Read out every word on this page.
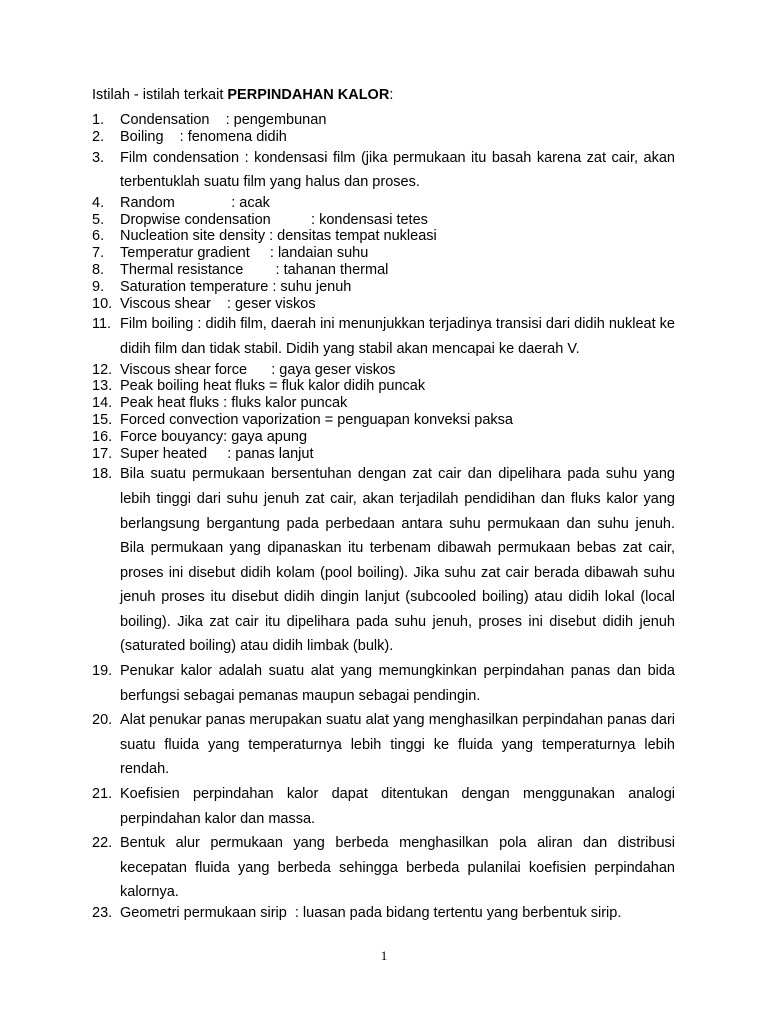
Istilah - istilah terkait PERPINDAHAN KALOR:
1.	Condensation    : pengembunan
2.	Boiling    : fenomena didih
3.	Film condensation : kondensasi film (jika permukaan itu basah karena zat cair, akan terbentuklah suatu film yang halus dan proses.
4.	Random              : acak
5.	Dropwise condensation          : kondensasi tetes
6.	Nucleation site density : densitas tempat nukleasi
7.	Temperatur gradient     : landaian suhu
8.	Thermal resistance        : tahanan thermal
9.	Saturation temperature : suhu jenuh
10. Viscous shear    : geser viskos
11. Film boiling : didih film, daerah ini menunjukkan terjadinya transisi dari didih nukleat ke didih film dan tidak stabil. Didih yang stabil akan mencapai ke daerah V.
12. Viscous shear force      : gaya geser viskos
13. Peak boiling heat fluks = fluk kalor didih puncak
14. Peak heat fluks : fluks kalor puncak
15. Forced convection vaporization = penguapan konveksi paksa
16. Force bouyancy: gaya apung
17. Super heated     : panas lanjut
18. Bila suatu permukaan bersentuhan dengan zat cair dan dipelihara pada suhu yang lebih tinggi dari suhu jenuh zat cair, akan terjadilah pendidihan dan fluks kalor yang berlangsung bergantung pada perbedaan antara suhu permukaan dan suhu jenuh. Bila permukaan yang dipanaskan itu terbenam dibawah permukaan bebas zat cair, proses ini disebut didih kolam (pool boiling). Jika suhu zat cair berada dibawah suhu jenuh proses itu disebut didih dingin lanjut (subcooled boiling) atau didih lokal (local boiling). Jika zat cair itu dipelihara pada suhu jenuh, proses ini disebut didih jenuh (saturated boiling) atau didih limbak (bulk).
19. Penukar kalor adalah suatu alat yang memungkinkan perpindahan panas dan bida berfungsi sebagai pemanas maupun sebagai pendingin.
20. Alat penukar panas merupakan suatu alat yang menghasilkan perpindahan panas dari suatu fluida yang temperaturnya lebih tinggi ke fluida yang temperaturnya lebih rendah.
21. Koefisien perpindahan kalor dapat ditentukan dengan menggunakan analogi perpindahan kalor dan massa.
22. Bentuk alur permukaan yang berbeda menghasilkan pola aliran dan distribusi kecepatan fluida yang berbeda sehingga berbeda pulanilai koefisien perpindahan kalornya.
23. Geometri permukaan sirip  : luasan pada bidang tertentu yang berbentuk sirip.
1
